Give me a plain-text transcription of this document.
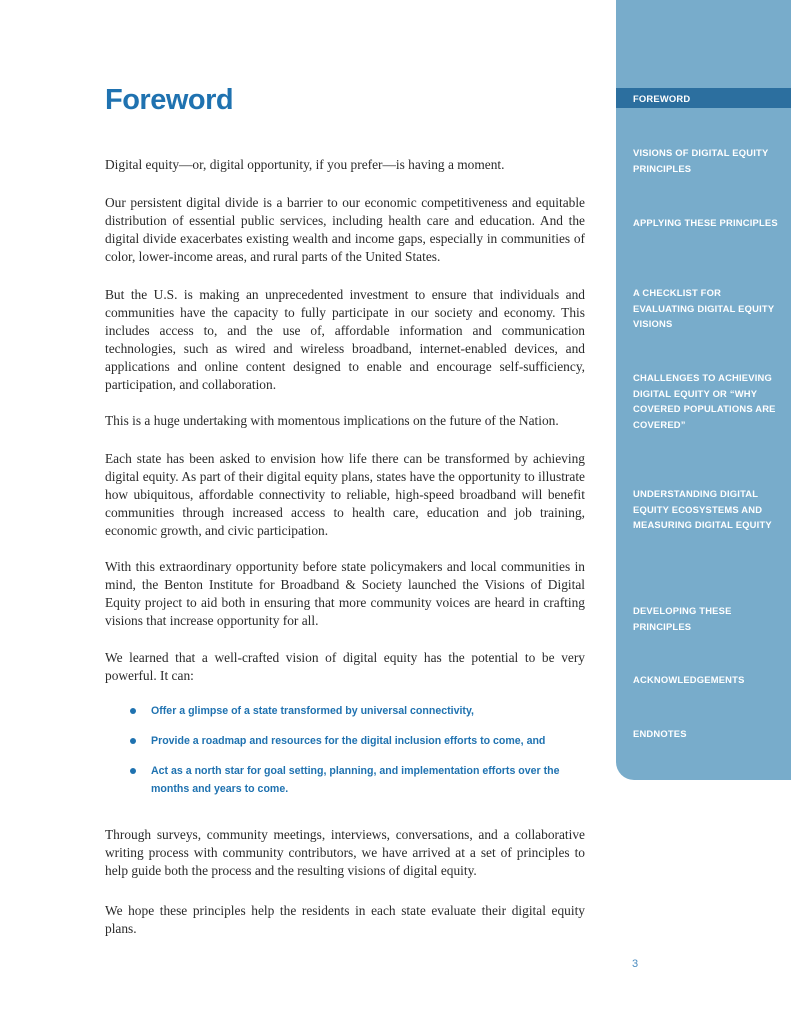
Foreword

Digital equity—or, digital opportunity, if you prefer—is having a moment.

Our persistent digital divide is a barrier to our economic competitiveness and equitable distribution of essential public services, including health care and education. And the digital divide exacerbates existing wealth and income gaps, especially in communities of color, lower-income areas, and rural parts of the United States.

But the U.S. is making an unprecedented investment to ensure that individuals and communities have the capacity to fully participate in our society and economy. This includes access to, and the use of, affordable information and communication technologies, such as wired and wireless broadband, internet-enabled devices, and applications and online content designed to enable and encourage self-sufficiency, participation, and collaboration.

This is a huge undertaking with momentous implications on the future of the Nation.

Each state has been asked to envision how life there can be transformed by achieving digital equity. As part of their digital equity plans, states have the opportunity to illustrate how ubiquitous, affordable connectivity to reliable, high-speed broadband will benefit communities through increased access to health care, education and job training, economic growth, and civic participation.

With this extraordinary opportunity before state policymakers and local communities in mind, the Benton Institute for Broadband & Society launched the Visions of Digital Equity project to aid both in ensuring that more community voices are heard in crafting visions that increase opportunity for all.

We learned that a well-crafted vision of digital equity has the potential to be very powerful. It can:

Offer a glimpse of a state transformed by universal connectivity,
Provide a roadmap and resources for the digital inclusion efforts to come, and
Act as a north star for goal setting, planning, and implementation efforts over the months and years to come.

Through surveys, community meetings, interviews, conversations, and a collaborative writing process with community contributors, we have arrived at a set of principles to help guide both the process and the resulting visions of digital equity.

We hope these principles help the residents in each state evaluate their digital equity plans.

FOREWORD
VISIONS OF DIGITAL EQUITY PRINCIPLES
APPLYING THESE PRINCIPLES
A CHECKLIST FOR EVALUATING DIGITAL EQUITY VISIONS
CHALLENGES TO ACHIEVING DIGITAL EQUITY OR “WHY COVERED POPULATIONS ARE COVERED”
UNDERSTANDING DIGITAL EQUITY ECOSYSTEMS AND MEASURING DIGITAL EQUITY
DEVELOPING THESE PRINCIPLES
ACKNOWLEDGEMENTS
ENDNOTES
3
